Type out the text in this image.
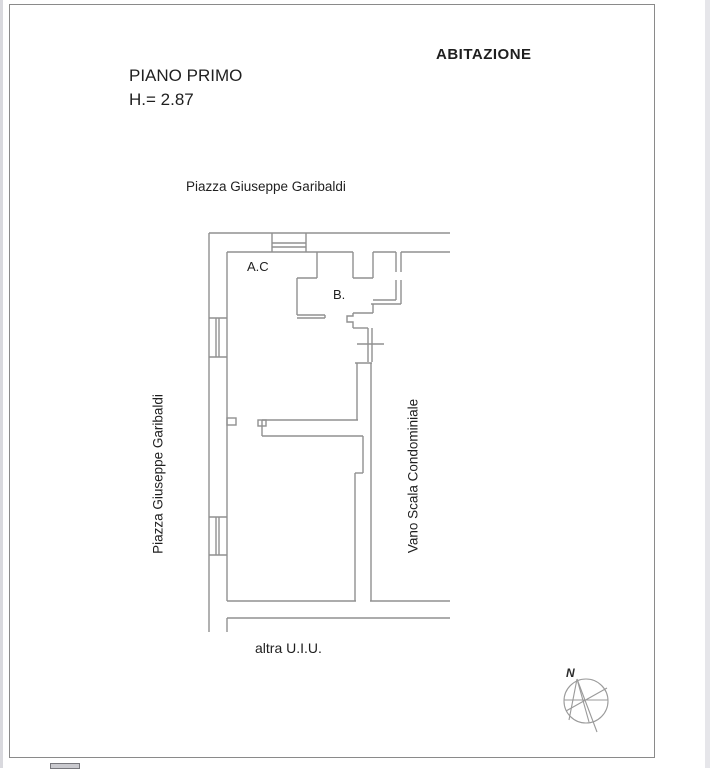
ABITAZIONE
PIANO PRIMO
H.= 2.87
Piazza Giuseppe Garibaldi
Piazza Giuseppe Garibaldi	Vano Scala Condominiale
altra U.I.U.
A.C
B.
N
